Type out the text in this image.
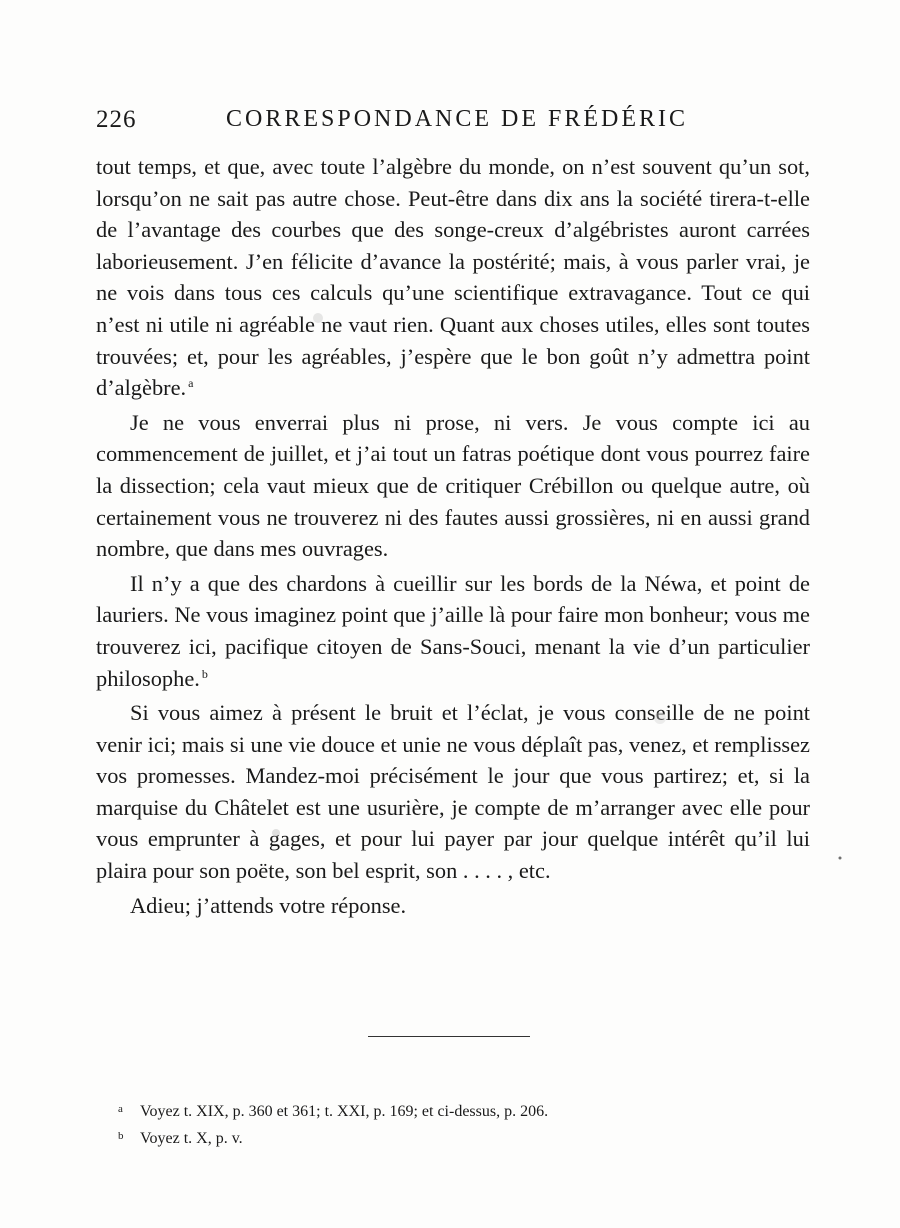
226	CORRESPONDANCE DE FRÉDÉRIC

tout temps, et que, avec toute l’algèbre du monde, on n’est souvent qu’un sot, lorsqu’on ne sait pas autre chose. Peut-être dans dix ans la société tirera-t-elle de l’avantage des courbes que des songe-creux d’algébristes auront carrées laborieusement. J’en félicite d’avance la postérité; mais, à vous parler vrai, je ne vois dans tous ces calculs qu’une scientifique extravagance. Tout ce qui n’est ni utile ni agréable ne vaut rien. Quant aux choses utiles, elles sont toutes trouvées; et, pour les agréables, j’espère que le bon goût n’y admettra point d’algèbre. $^a$

Je ne vous enverrai plus ni prose, ni vers. Je vous compte ici au commencement de juillet, et j’ai tout un fatras poétique dont vous pourrez faire la dissection; cela vaut mieux que de critiquer Crébillon ou quelque autre, où certainement vous ne trouverez ni des fautes aussi grossières, ni en aussi grand nombre, que dans mes ouvrages.

Il n’y a que des chardons à cueillir sur les bords de la Néwa, et point de lauriers. Ne vous imaginez point que j’aille là pour faire mon bonheur; vous me trouverez ici, pacifique citoyen de Sans-Souci, menant la vie d’un particulier philosophe. $^b$

Si vous aimez à présent le bruit et l’éclat, je vous conseille de ne point venir ici; mais si une vie douce et unie ne vous déplaît pas, venez, et remplissez vos promesses. Mandez-moi précisément le jour que vous partirez; et, si la marquise du Châtelet est une usurière, je compte de m’arranger avec elle pour vous emprunter à gages, et pour lui payer par jour quelque intérêt qu’il lui plaira pour son poëte, son bel esprit, son . . . . , etc.

Adieu; j’attends votre réponse.

a	Voyez t. XIX, p. 360 et 361; t. XXI, p. 169; et ci-dessus, p. 206.
b	Voyez t. X, p. v.
